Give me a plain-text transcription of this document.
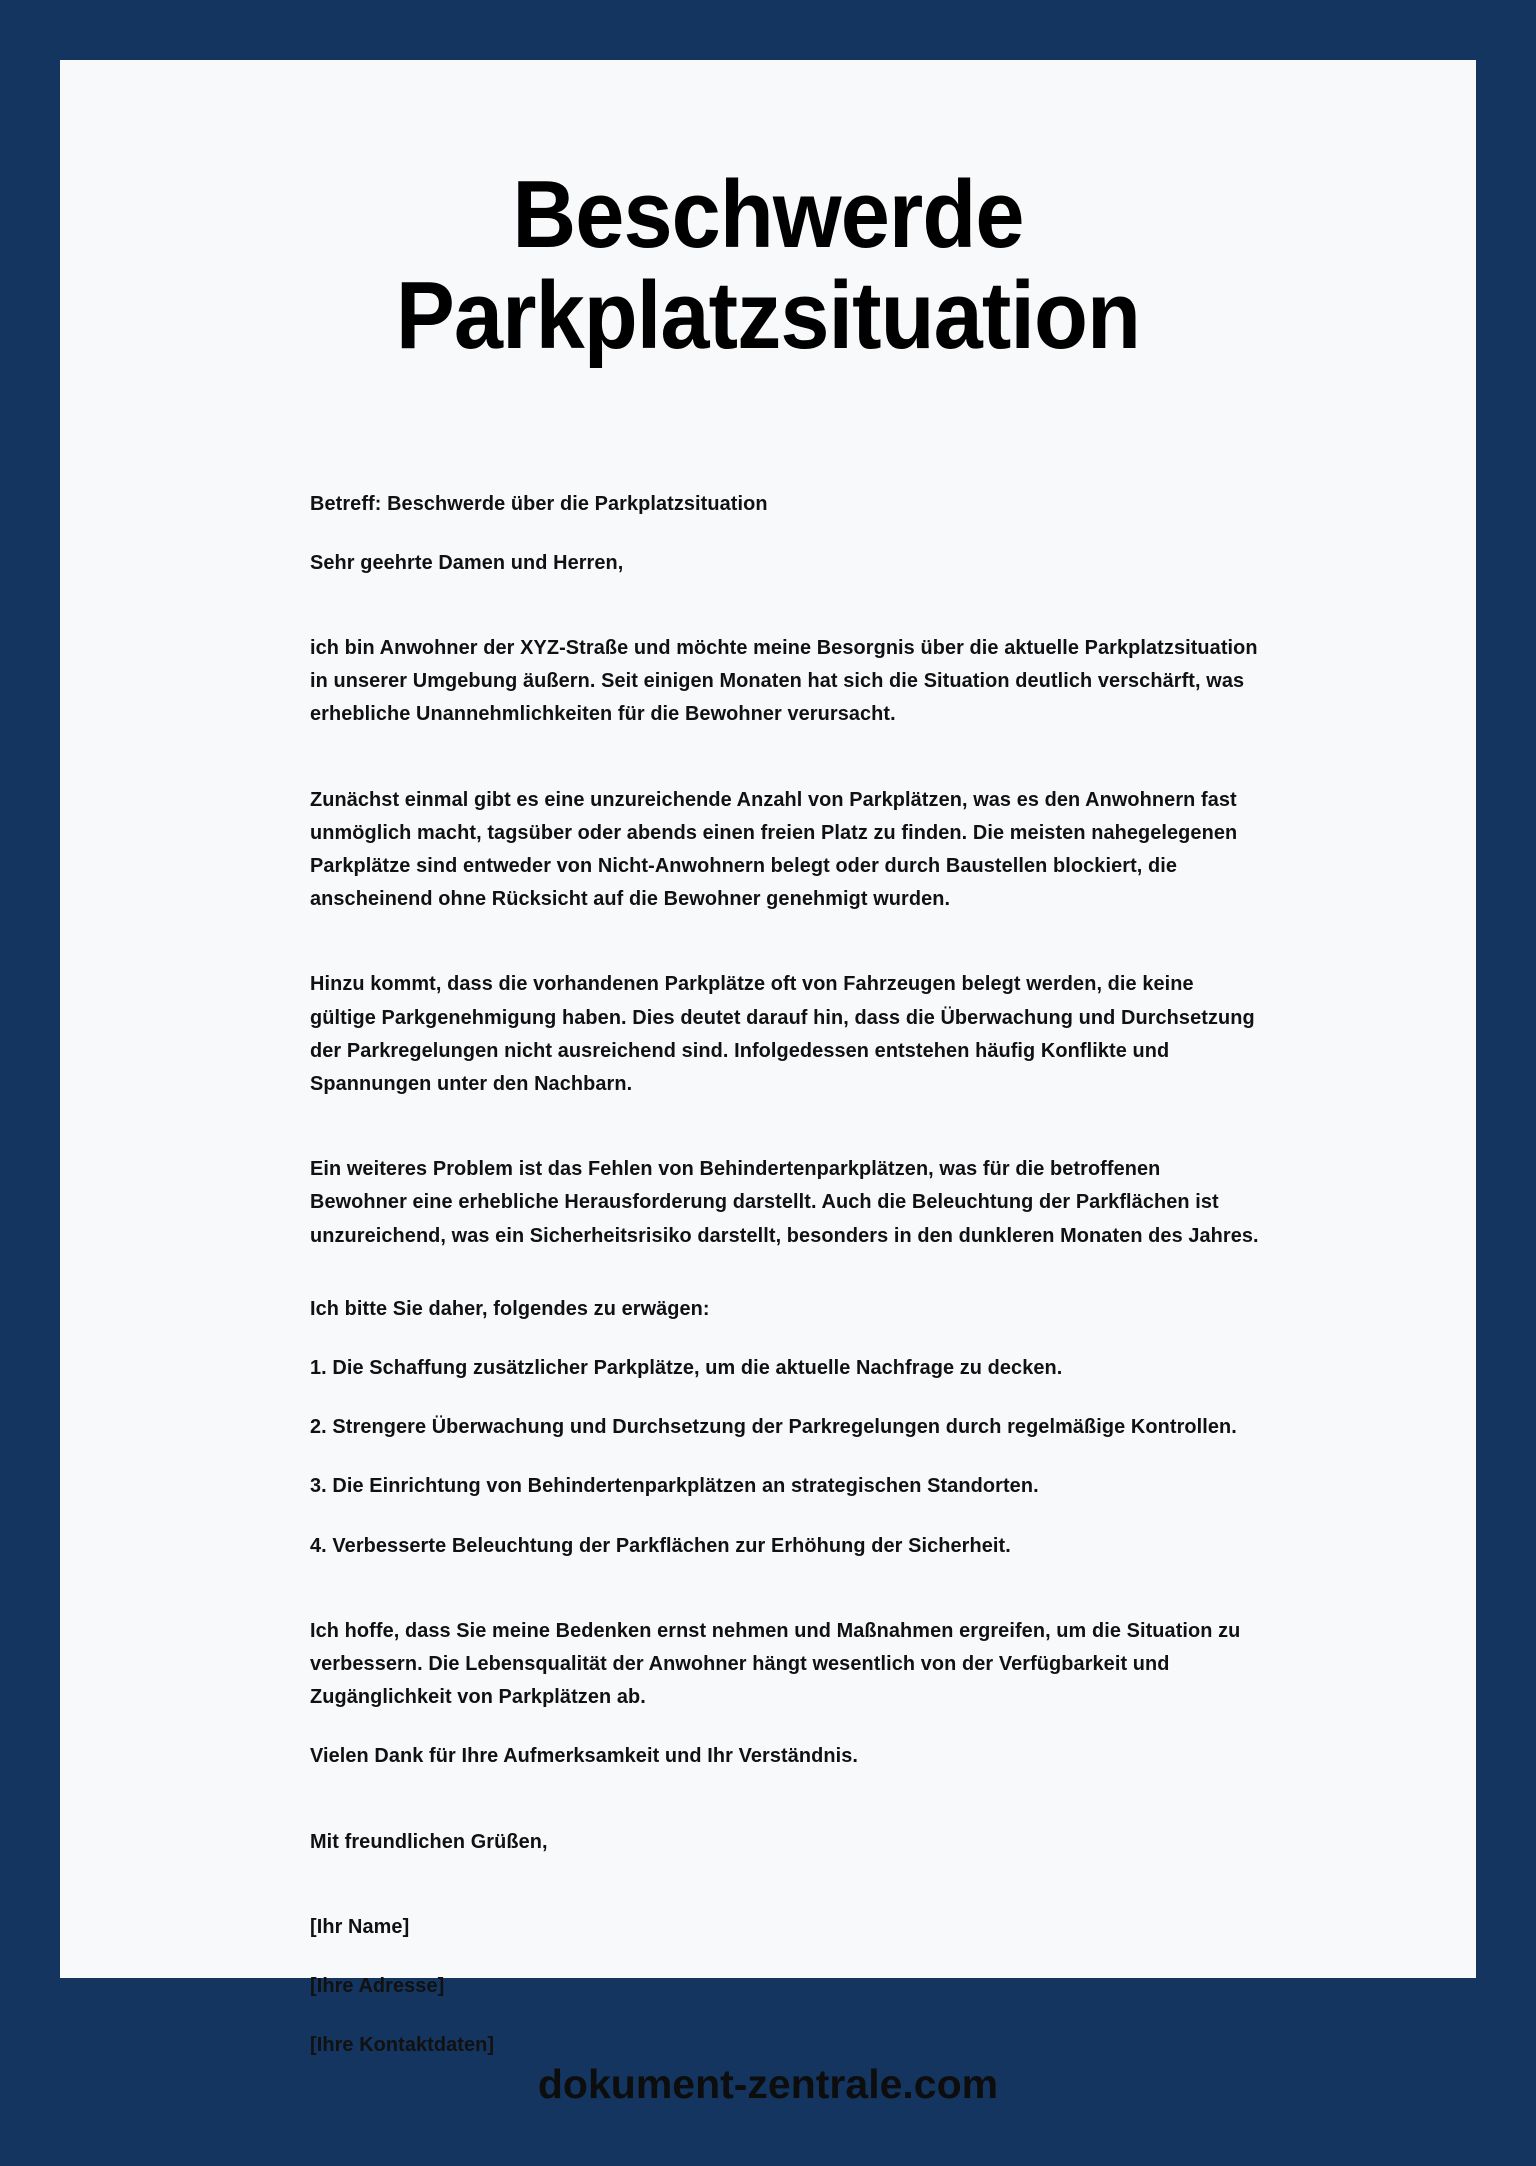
Beschwerde
Parkplatzsituation
Betreff: Beschwerde über die Parkplatzsituation
Sehr geehrte Damen und Herren,
ich bin Anwohner der XYZ-Straße und möchte meine Besorgnis über die aktuelle Parkplatzsituation in unserer Umgebung äußern. Seit einigen Monaten hat sich die Situation deutlich verschärft, was erhebliche Unannehmlichkeiten für die Bewohner verursacht.
Zunächst einmal gibt es eine unzureichende Anzahl von Parkplätzen, was es den Anwohnern fast unmöglich macht, tagsüber oder abends einen freien Platz zu finden. Die meisten nahegelegenen Parkplätze sind entweder von Nicht-Anwohnern belegt oder durch Baustellen blockiert, die anscheinend ohne Rücksicht auf die Bewohner genehmigt wurden.
Hinzu kommt, dass die vorhandenen Parkplätze oft von Fahrzeugen belegt werden, die keine gültige Parkgenehmigung haben. Dies deutet darauf hin, dass die Überwachung und Durchsetzung der Parkregelungen nicht ausreichend sind. Infolgedessen entstehen häufig Konflikte und Spannungen unter den Nachbarn.
Ein weiteres Problem ist das Fehlen von Behindertenparkplätzen, was für die betroffenen Bewohner eine erhebliche Herausforderung darstellt. Auch die Beleuchtung der Parkflächen ist unzureichend, was ein Sicherheitsrisiko darstellt, besonders in den dunkleren Monaten des Jahres.
Ich bitte Sie daher, folgendes zu erwägen:
1. Die Schaffung zusätzlicher Parkplätze, um die aktuelle Nachfrage zu decken.
2. Strengere Überwachung und Durchsetzung der Parkregelungen durch regelmäßige Kontrollen.
3. Die Einrichtung von Behindertenparkplätzen an strategischen Standorten.
4. Verbesserte Beleuchtung der Parkflächen zur Erhöhung der Sicherheit.
Ich hoffe, dass Sie meine Bedenken ernst nehmen und Maßnahmen ergreifen, um die Situation zu verbessern. Die Lebensqualität der Anwohner hängt wesentlich von der Verfügbarkeit und Zugänglichkeit von Parkplätzen ab.
Vielen Dank für Ihre Aufmerksamkeit und Ihr Verständnis.
Mit freundlichen Grüßen,
[Ihr Name]
[Ihre Adresse]
[Ihre Kontaktdaten]
dokument-zentrale.com
